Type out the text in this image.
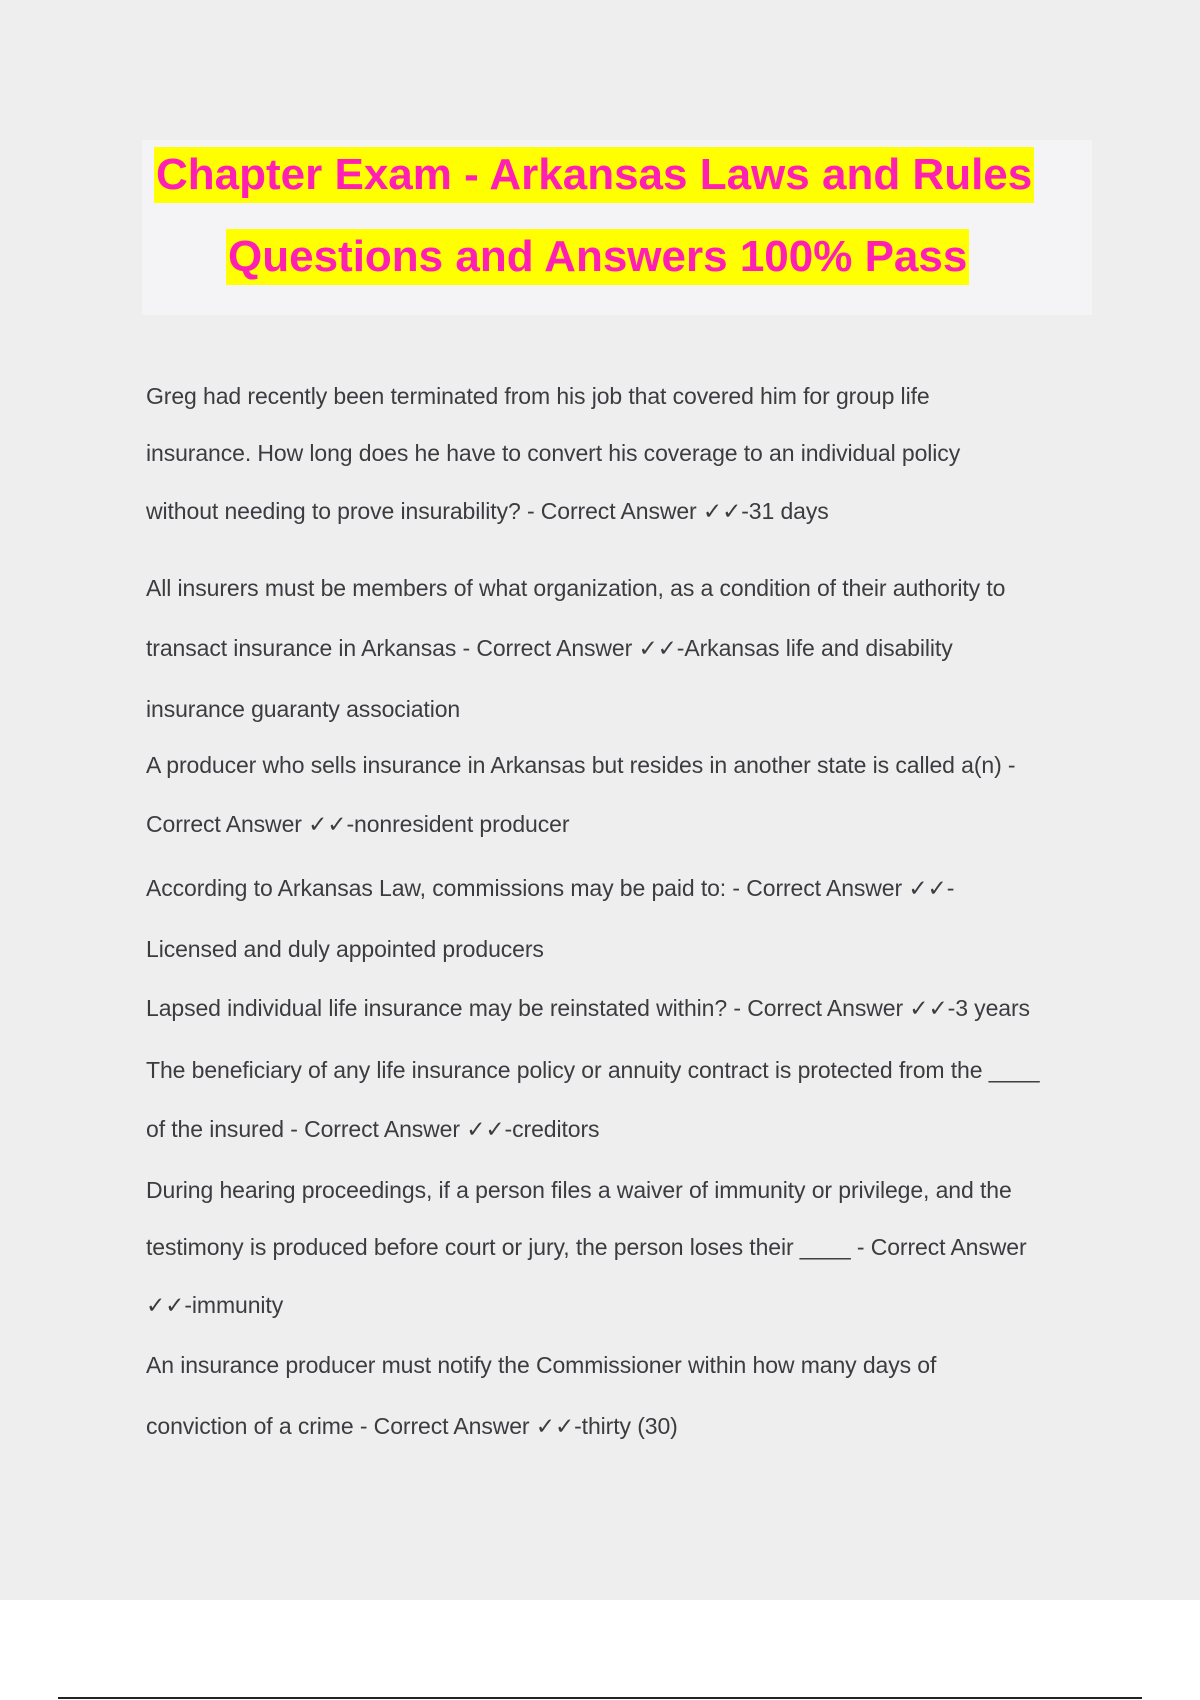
Chapter Exam - Arkansas Laws and Rules
Questions and Answers 100% Pass
Greg had recently been terminated from his job that covered him for group life
insurance. How long does he have to convert his coverage to an individual policy
without needing to prove insurability? - Correct Answer ✓✓-31 days
All insurers must be members of what organization, as a condition of their authority to
transact insurance in Arkansas - Correct Answer ✓✓-Arkansas life and disability
insurance guaranty association
A producer who sells insurance in Arkansas but resides in another state is called a(n) -
Correct Answer ✓✓-nonresident producer
According to Arkansas Law, commissions may be paid to: - Correct Answer ✓✓-
Licensed and duly appointed producers
Lapsed individual life insurance may be reinstated within? - Correct Answer ✓✓-3 years
The beneficiary of any life insurance policy or annuity contract is protected from the ____
of the insured - Correct Answer ✓✓-creditors
During hearing proceedings, if a person files a waiver of immunity or privilege, and the
testimony is produced before court or jury, the person loses their ____ - Correct Answer
✓✓-immunity
An insurance producer must notify the Commissioner within how many days of
conviction of a crime - Correct Answer ✓✓-thirty (30)
